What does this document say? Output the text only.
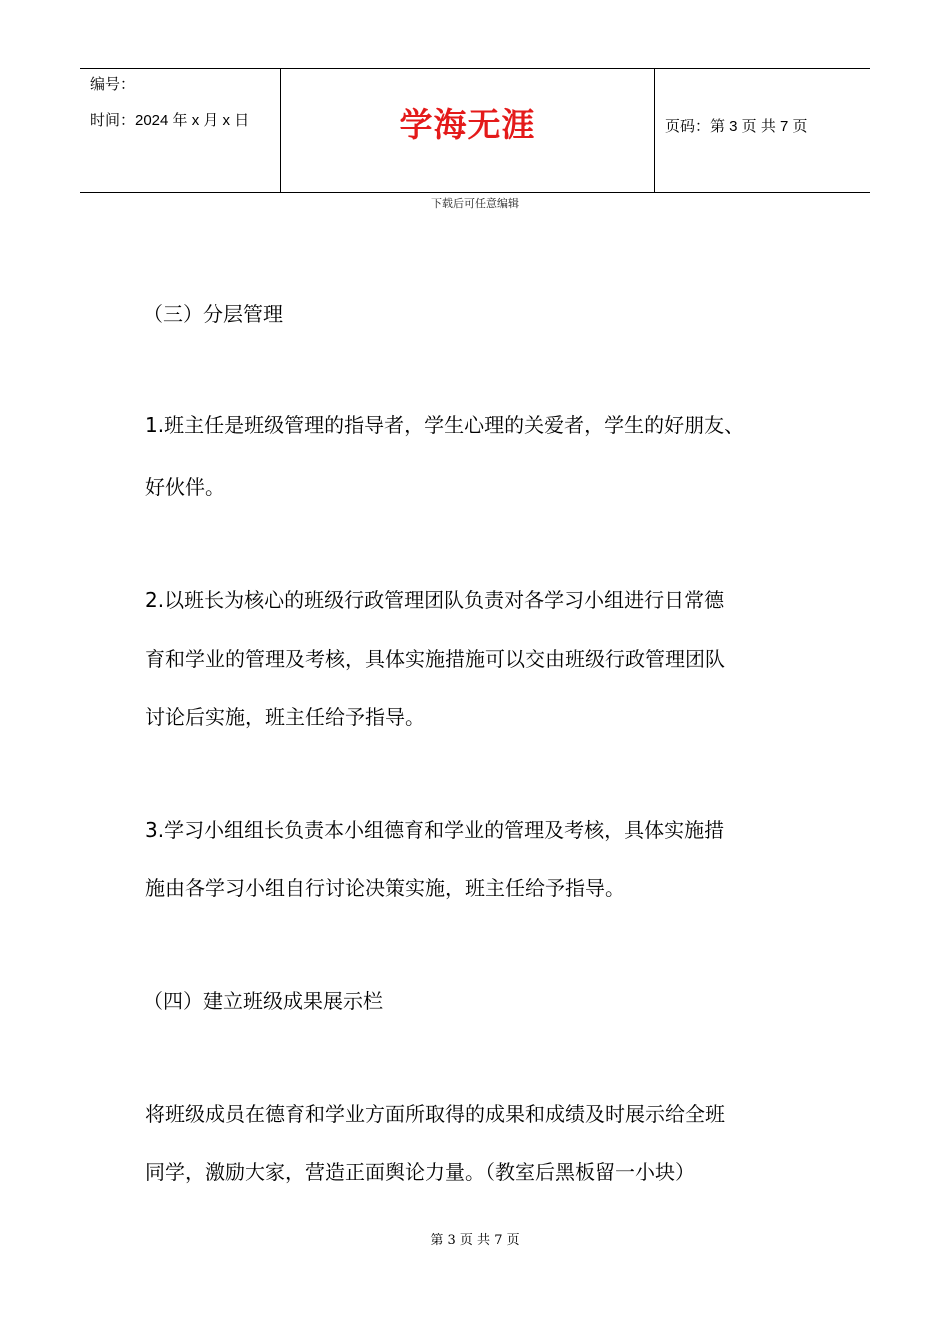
编号：
时间：2024 年 x 月 x 日	学海无涯	页码：第 3 页 共 7 页
下载后可任意编辑
（三）分层管理
1.班主任是班级管理的指导者，学生心理的关爱者，学生的好朋友、
好伙伴。
2.以班长为核心的班级行政管理团队负责对各学习小组进行日常德
育和学业的管理及考核，具体实施措施可以交由班级行政管理团队
讨论后实施，班主任给予指导。
3.学习小组组长负责本小组德育和学业的管理及考核，具体实施措
施由各学习小组自行讨论决策实施，班主任给予指导。
（四）建立班级成果展示栏
将班级成员在德育和学业方面所取得的成果和成绩及时展示给全班
同学，激励大家，营造正面舆论力量。（教室后黑板留一小块）
第 3 页 共 7 页
